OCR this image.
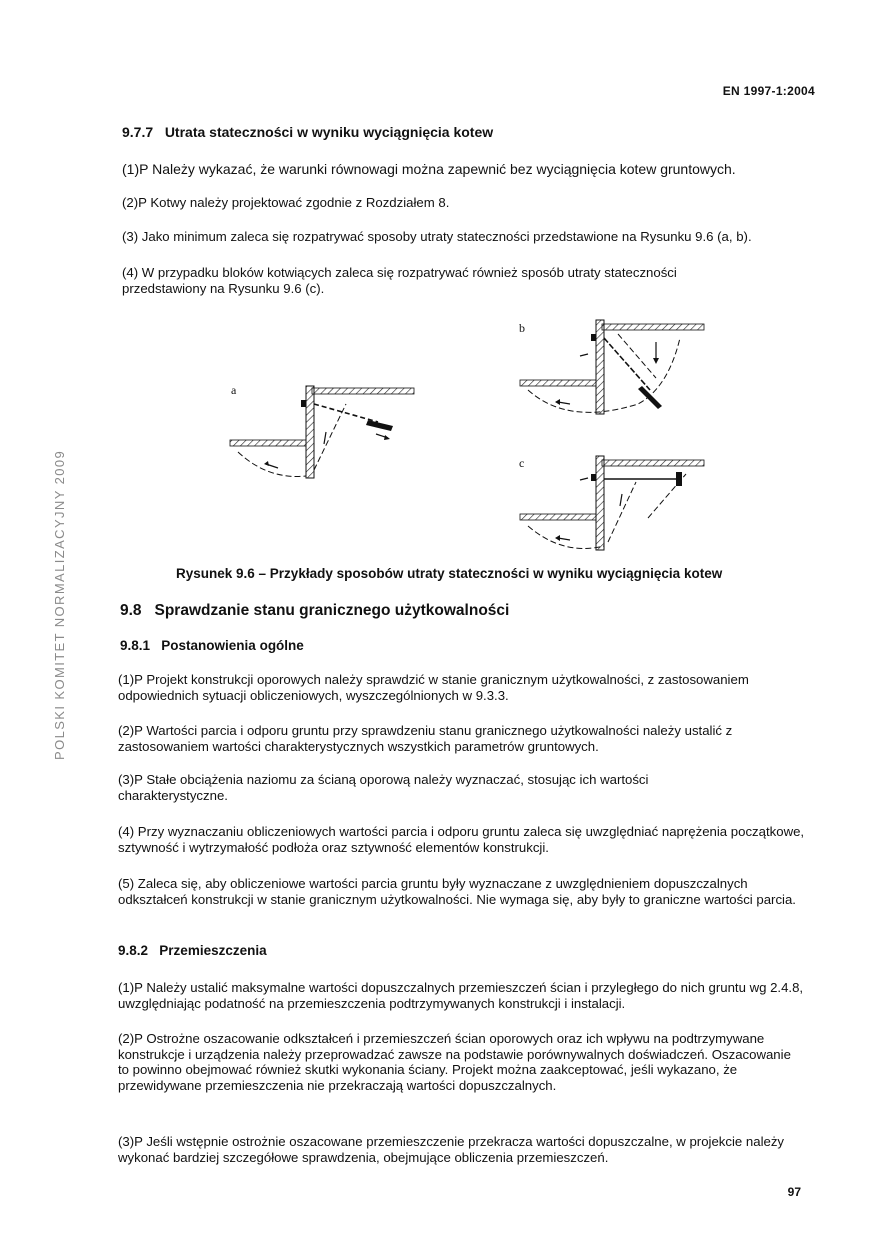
EN 1997-1:2004
POLSKI KOMITET NORMALIZACYJNY 2009
9.7.7 Utrata stateczności w wyniku wyciągnięcia kotew
(1)P Należy wykazać, że warunki równowagi można zapewnić bez wyciągnięcia kotew gruntowych.
(2)P Kotwy należy projektować zgodnie z Rozdziałem 8.
(3) Jako minimum zaleca się rozpatrywać sposoby utraty stateczności przedstawione na Rysunku 9.6 (a, b).
(4) W przypadku bloków kotwiących zaleca się rozpatrywać również sposób utraty stateczności przedstawiony na Rysunku 9.6 (c).
a
b
c
Rysunek 9.6 – Przykłady sposobów utraty stateczności w wyniku wyciągnięcia kotew
9.8 Sprawdzanie stanu granicznego użytkowalności
9.8.1 Postanowienia ogólne
(1)P Projekt konstrukcji oporowych należy sprawdzić w stanie granicznym użytkowalności, z zastosowaniem odpowiednich sytuacji obliczeniowych, wyszczególnionych w 9.3.3.
(2)P Wartości parcia i odporu gruntu przy sprawdzeniu stanu granicznego użytkowalności należy ustalić z zastosowaniem wartości charakterystycznych wszystkich parametrów gruntowych.
(3)P Stałe obciążenia naziomu za ścianą oporową należy wyznaczać, stosując ich wartości charakterystyczne.
(4) Przy wyznaczaniu obliczeniowych wartości parcia i odporu gruntu zaleca się uwzględniać naprężenia początkowe, sztywność i wytrzymałość podłoża oraz sztywność elementów konstrukcji.
(5) Zaleca się, aby obliczeniowe wartości parcia gruntu były wyznaczane z uwzględnieniem dopuszczalnych odkształceń konstrukcji w stanie granicznym użytkowalności. Nie wymaga się, aby były to graniczne wartości parcia.
9.8.2 Przemieszczenia
(1)P Należy ustalić maksymalne wartości dopuszczalnych przemieszczeń ścian i przyległego do nich gruntu wg 2.4.8, uwzględniając podatność na przemieszczenia podtrzymywanych konstrukcji i instalacji.
(2)P Ostrożne oszacowanie odkształceń i przemieszczeń ścian oporowych oraz ich wpływu na podtrzymywane konstrukcje i urządzenia należy przeprowadzać zawsze na podstawie porównywalnych doświadczeń. Oszacowanie to powinno obejmować również skutki wykonania ściany. Projekt można zaakceptować, jeśli wykazano, że przewidywane przemieszczenia nie przekraczają wartości dopuszczalnych.
(3)P Jeśli wstępnie ostrożnie oszacowane przemieszczenie przekracza wartości dopuszczalne, w projekcie należy wykonać bardziej szczegółowe sprawdzenia, obejmujące obliczenia przemieszczeń.
97
